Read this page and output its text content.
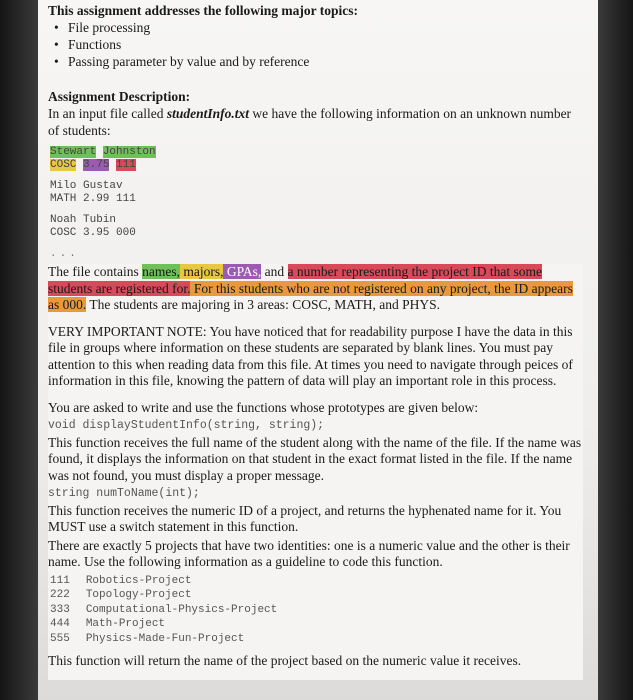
This assignment addresses the following major topics:
• File processing
• Functions
• Passing parameter by value and by reference
Assignment Description:
In an input file called studentInfo.txt we have the following information on an unknown number of students:
Stewart Johnston
COSC 3.75 111
Milo Gustav
MATH 2.99 111
Noah Tubin
COSC 3.95 000
...

The file contains names, majors, GPAs, and a number representing the project ID that some students are registered for. For this students who are not registered on any project, the ID appears as 000. The students are majoring in 3 areas: COSC, MATH, and PHYS.

VERY IMPORTANT NOTE: You have noticed that for readability purpose I have the data in this file in groups where information on these students are separated by blank lines. You must pay attention to this when reading data from this file. At times you need to navigate through peices of information in this file, knowing the pattern of data will play an important role in this process.

You are asked to write and use the functions whose prototypes are given below:

void displayStudentInfo(string, string);

This function receives the full name of the student along with the name of the file. If the name was found, it displays the information on that student in the exact format listed in the file. If the name was not found, you must display a proper message.

string numToName(int);

This function receives the numeric ID of a project, and returns the hyphenated name for it. You MUST use a switch statement in this function.

There are exactly 5 projects that have two identities: one is a numeric value and the other is their name. Use the following information as a guideline to code this function.

111	Robotics-Project
222	Topology-Project
333	Computational-Physics-Project
444	Math-Project
555	Physics-Made-Fun-Project

This function will return the name of the project based on the numeric value it receives.
